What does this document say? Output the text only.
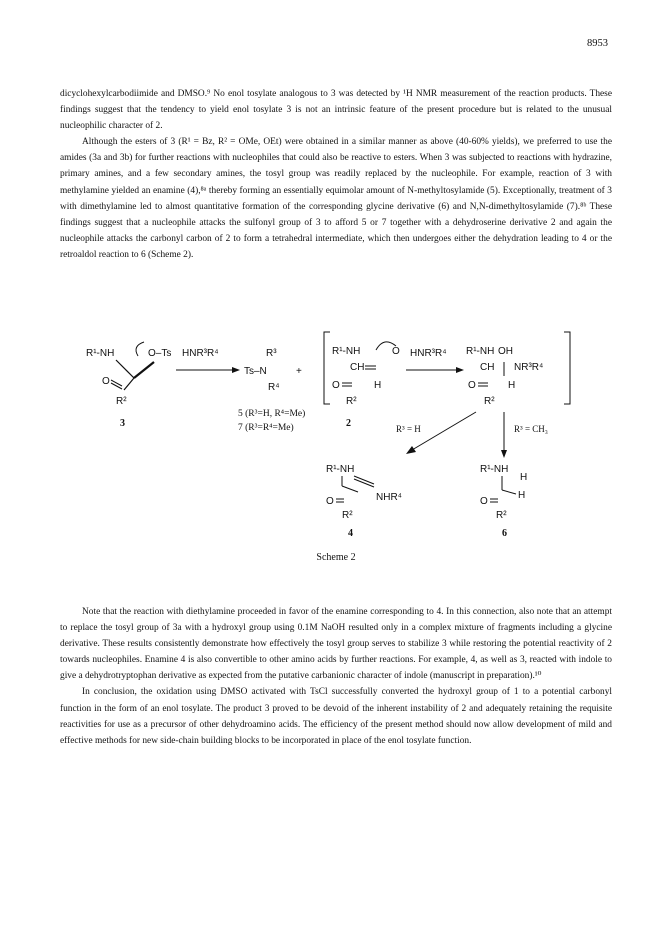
8953

dicyclohexylcarbodiimide and DMSO.⁹ No enol tosylate analogous to 3 was detected by ¹H NMR measurement of the reaction products. These findings suggest that the tendency to yield enol tosylate 3 is not an intrinsic feature of the present procedure but is related to the unusual nucleophilic character of 2.

Although the esters of 3 (R¹ = Bz, R² = OMe, OEt) were obtained in a similar manner as above (40-60% yields), we preferred to use the amides (3a and 3b) for further reactions with nucleophiles that could also be reactive to esters. When 3 was subjected to reactions with hydrazine, primary amines, and a few secondary amines, the tosyl group was readily replaced by the nucleophile. For example, reaction of 3 with methylamine yielded an enamine (4),⁸ᵃ thereby forming an essentially equimolar amount of N-methyltosylamide (5). Exceptionally, treatment of 3 with dimethylamine led to almost quantitative formation of the corresponding glycine derivative (6) and N,N-dimethyltosylamide (7).⁸ᵇ These findings suggest that a nucleophile attacks the sulfonyl group of 3 to afford 5 or 7 together with a dehydroserine derivative 2 and again the nucleophile attacks the carbonyl carbon of 2 to form a tetrahedral intermediate, which then undergoes either the dehydration leading to 4 or the retroaldol reaction to 6 (Scheme 2).

R¹-NH	O–Ts
O
R²
3
HNR³R⁴	R³
Ts–N
R⁴
+
5 (R³=H, R⁴=Me)
7 (R³=R⁴=Me)
R¹-NH	O
CH
O	H
R²
2
HNR³R⁴ R¹-NH OH
CH NR³R⁴
O	H
R²
R³ = H	R³ = CH₃
R¹-NH
O	NHR⁴
R²
4
R¹-NH
H
H
O
R²
6
Scheme 2

Note that the reaction with diethylamine proceeded in favor of the enamine corresponding to 4. In this connection, also note that an attempt to replace the tosyl group of 3a with a hydroxyl group using 0.1M NaOH resulted only in a complex mixture of fragments including a glycine derivative. These results consistently demonstrate how effectively the tosyl group serves to stabilize 3 while restoring the potential reactivity of 2 towards nucleophiles. Enamine 4 is also convertible to other amino acids by further reactions. For example, 4, as well as 3, reacted with indole to give a dehydrotryptophan derivative as expected from the putative carbanionic character of indole (manuscript in preparation).¹⁰

In conclusion, the oxidation using DMSO activated with TsCl successfully converted the hydroxyl group of 1 to a potential carbonyl function in the form of an enol tosylate. The product 3 proved to be devoid of the inherent instability of 2 and adequately retaining the requisite reactivities for use as a precursor of other dehydroamino acids. The efficiency of the present method should now allow development of mild and effective methods for new side-chain building blocks to be incorporated in place of the enol tosylate function.
